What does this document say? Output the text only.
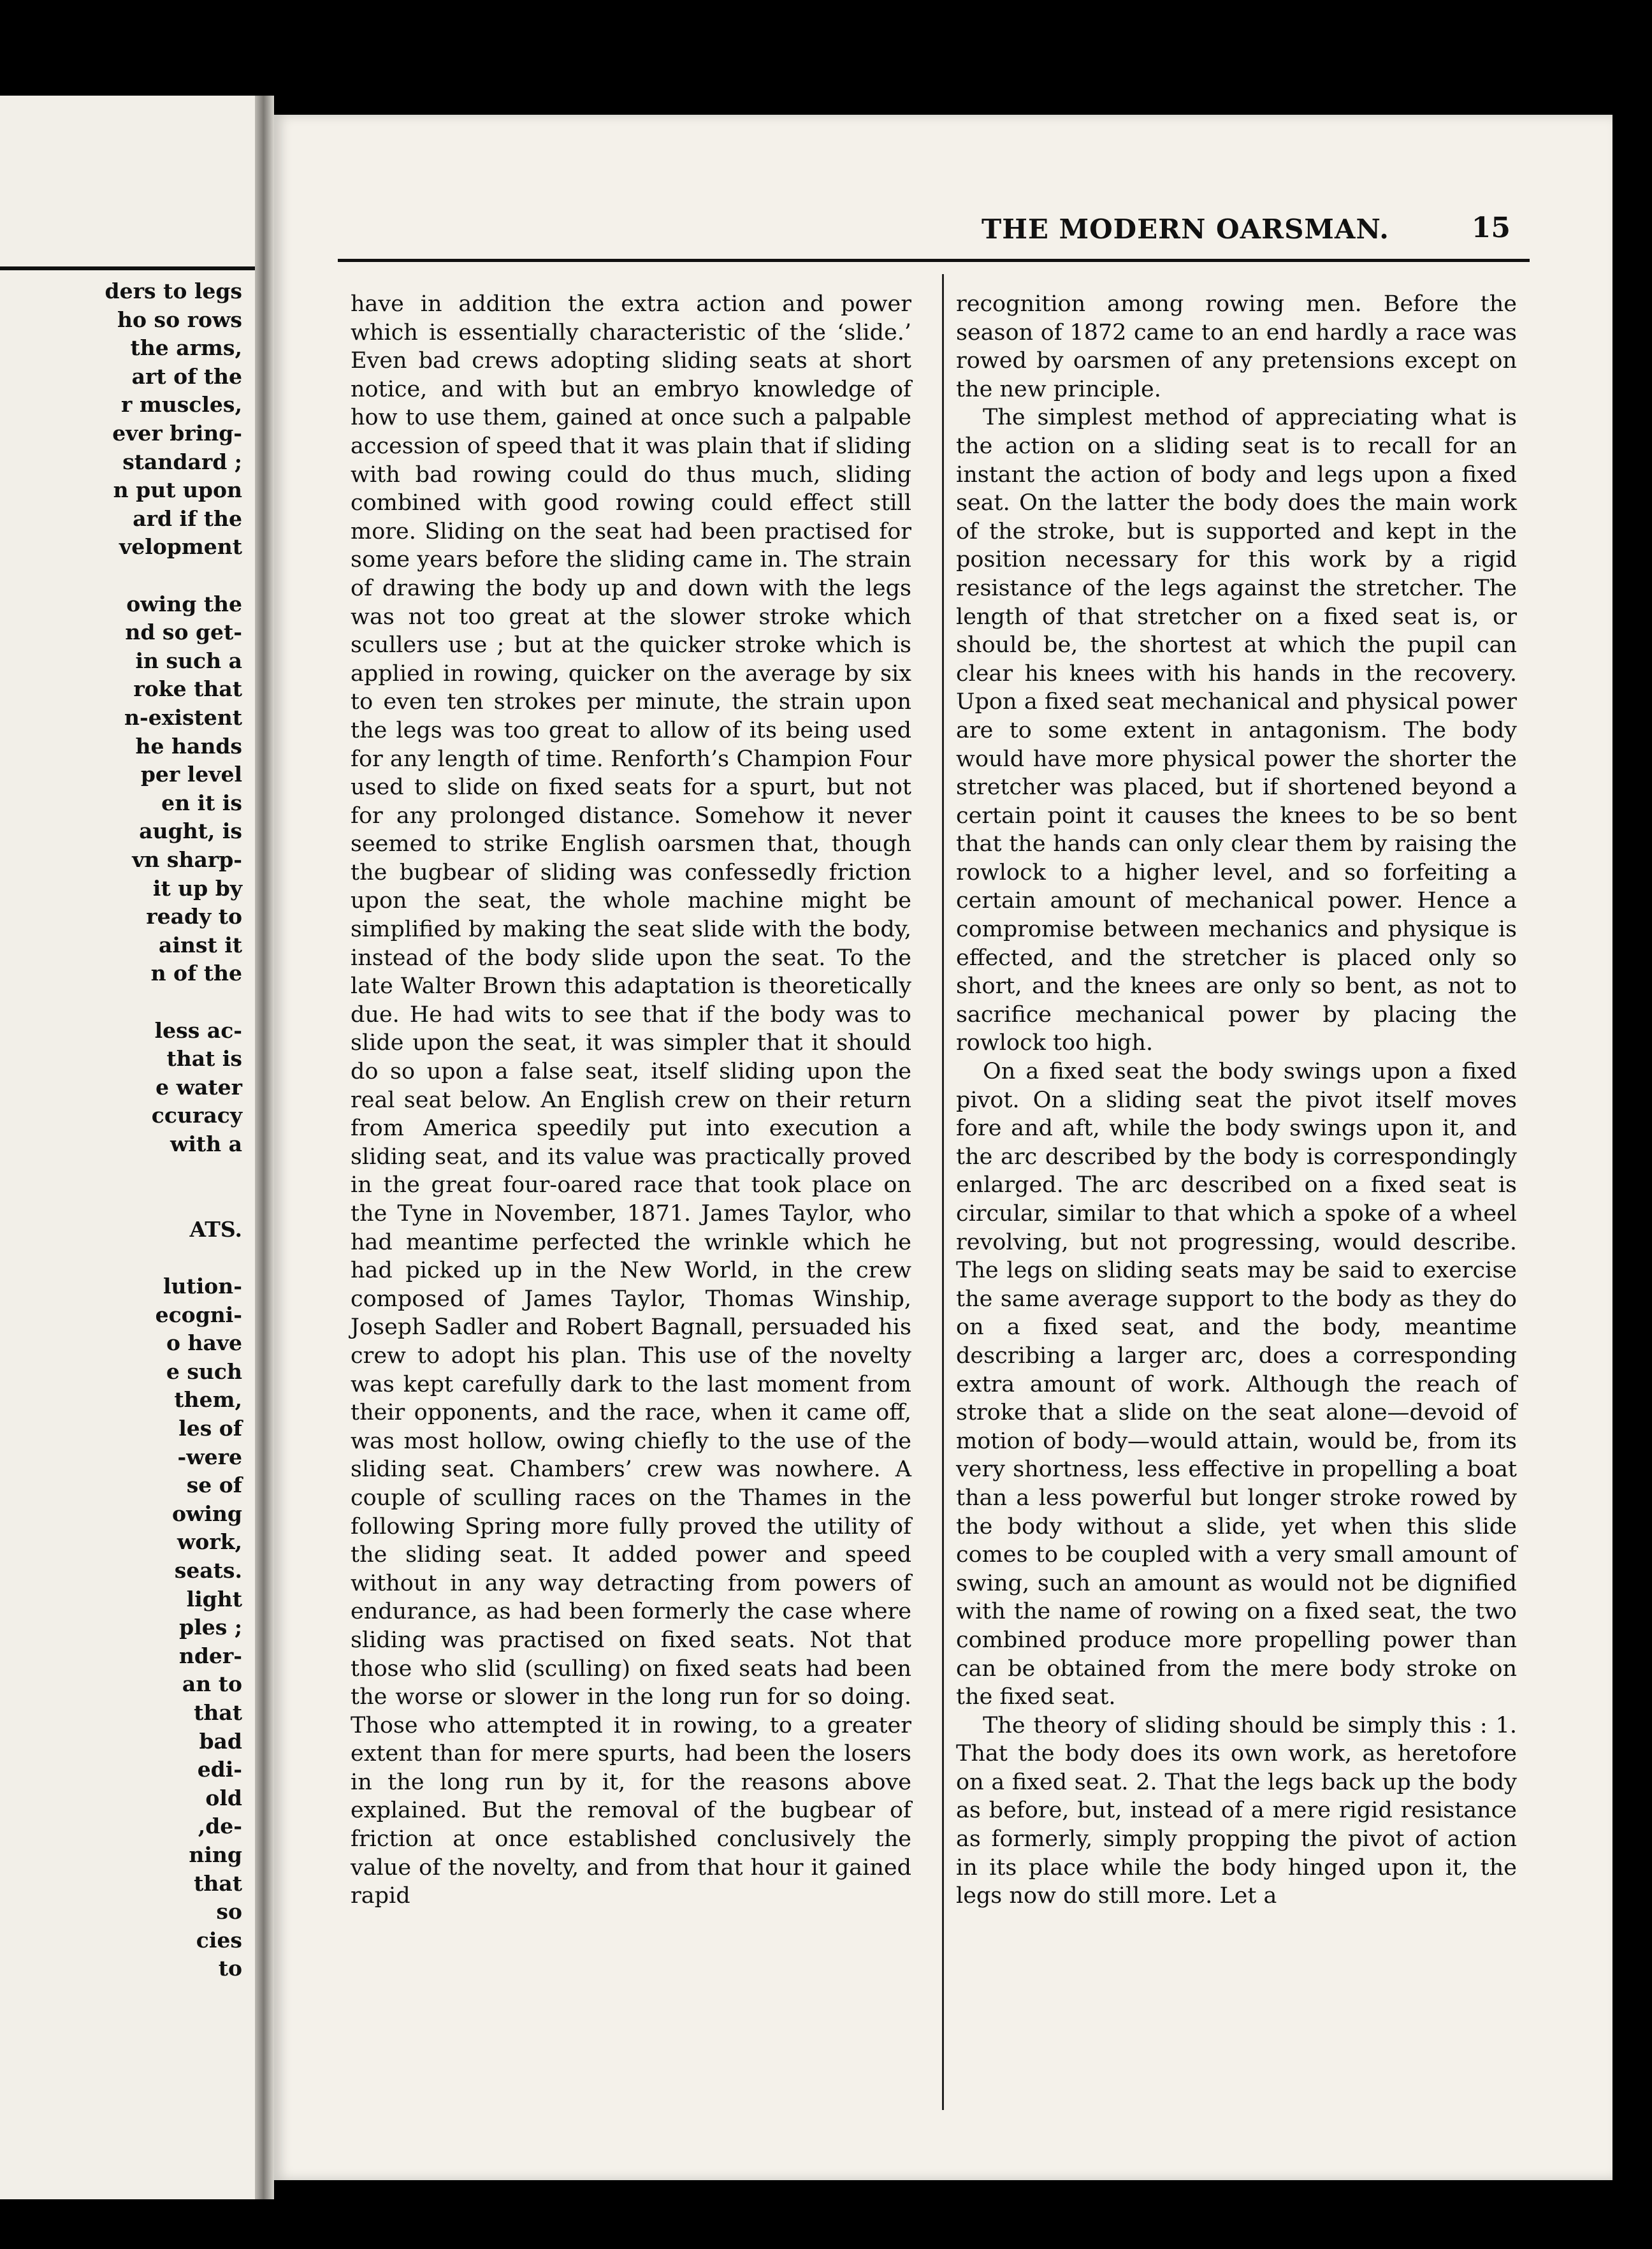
ders to legs
ho so rows
the arms,
art of the
r muscles,
ever bring-
standard ;
n put upon
ard if the
velopment
owing the
nd so get-
in such a
roke that
n-existent
he hands
per level
en it is
aught, is
vn sharp-
it up by
ready to
ainst it
n of the
less ac-
that is
e water
ccuracy
with a
ATS.
lution-
ecogni-
o have
e such
them,
les of
-were
se of
owing
work,
seats.
light
ples ;
nder-
an to
that
bad
edi-
old
,de-
ning
that
so
cies
to
THE MODERN OARSMAN.	15

have in addition the extra action and power which is essentially characteristic of the ‘slide.’ Even bad crews adopting sliding seats at short notice, and with but an embryo knowledge of how to use them, gained at once such a palpable accession of speed that it was plain that if sliding with bad rowing could do thus much, sliding combined with good rowing could effect still more. Sliding on the seat had been practised for some years before the sliding came in. The strain of drawing the body up and down with the legs was not too great at the slower stroke which scullers use ; but at the quicker stroke which is applied in rowing, quicker on the average by six to even ten strokes per minute, the strain upon the legs was too great to allow of its being used for any length of time. Renforth’s Champion Four used to slide on fixed seats for a spurt, but not for any prolonged distance. Somehow it never seemed to strike English oarsmen that, though the bugbear of sliding was confessedly friction upon the seat, the whole machine might be simplified by making the seat slide with the body, instead of the body slide upon the seat. To the late Walter Brown this adaptation is theoretically due. He had wits to see that if the body was to slide upon the seat, it was simpler that it should do so upon a false seat, itself sliding upon the real seat below. An English crew on their return from America speedily put into execution a sliding seat, and its value was practically proved in the great four-oared race that took place on the Tyne in November, 1871. James Taylor, who had meantime perfected the wrinkle which he had picked up in the New World, in the crew composed of James Taylor, Thomas Winship, Joseph Sadler and Robert Bagnall, persuaded his crew to adopt his plan. This use of the novelty was kept carefully dark to the last moment from their opponents, and the race, when it came off, was most hollow, owing chiefly to the use of the sliding seat. Chambers’ crew was nowhere. A couple of sculling races on the Thames in the following Spring more fully proved the utility of the sliding seat. It added power and speed without in any way detracting from powers of endurance, as had been formerly the case where sliding was practised on fixed seats. Not that those who slid (sculling) on fixed seats had been the worse or slower in the long run for so doing. Those who attempted it in rowing, to a greater extent than for mere spurts, had been the losers in the long run by it, for the reasons above explained. But the removal of the bugbear of friction at once established conclusively the value of the novelty, and from that hour it gained rapid

recognition among rowing men. Before the season of 1872 came to an end hardly a race was rowed by oarsmen of any pretensions except on the new principle.

The simplest method of appreciating what is the action on a sliding seat is to recall for an instant the action of body and legs upon a fixed seat. On the latter the body does the main work of the stroke, but is supported and kept in the position necessary for this work by a rigid resistance of the legs against the stretcher. The length of that stretcher on a fixed seat is, or should be, the shortest at which the pupil can clear his knees with his hands in the recovery. Upon a fixed seat mechanical and physical power are to some extent in antagonism. The body would have more physical power the shorter the stretcher was placed, but if shortened beyond a certain point it causes the knees to be so bent that the hands can only clear them by raising the rowlock to a higher level, and so forfeiting a certain amount of mechanical power. Hence a compromise between mechanics and physique is effected, and the stretcher is placed only so short, and the knees are only so bent, as not to sacrifice mechanical power by placing the rowlock too high.

On a fixed seat the body swings upon a fixed pivot. On a sliding seat the pivot itself moves fore and aft, while the body swings upon it, and the arc described by the body is correspondingly enlarged. The arc described on a fixed seat is circular, similar to that which a spoke of a wheel revolving, but not progressing, would describe. The legs on sliding seats may be said to exercise the same average support to the body as they do on a fixed seat, and the body, meantime describing a larger arc, does a corresponding extra amount of work. Although the reach of stroke that a slide on the seat alone—devoid of motion of body—would attain, would be, from its very shortness, less effective in propelling a boat than a less powerful but longer stroke rowed by the body without a slide, yet when this slide comes to be coupled with a very small amount of swing, such an amount as would not be dignified with the name of rowing on a fixed seat, the two combined produce more propelling power than can be obtained from the mere body stroke on the fixed seat.

The theory of sliding should be simply this : 1. That the body does its own work, as heretofore on a fixed seat. 2. That the legs back up the body as before, but, instead of a mere rigid resistance as formerly, simply propping the pivot of action in its place while the body hinged upon it, the legs now do still more. Let a
